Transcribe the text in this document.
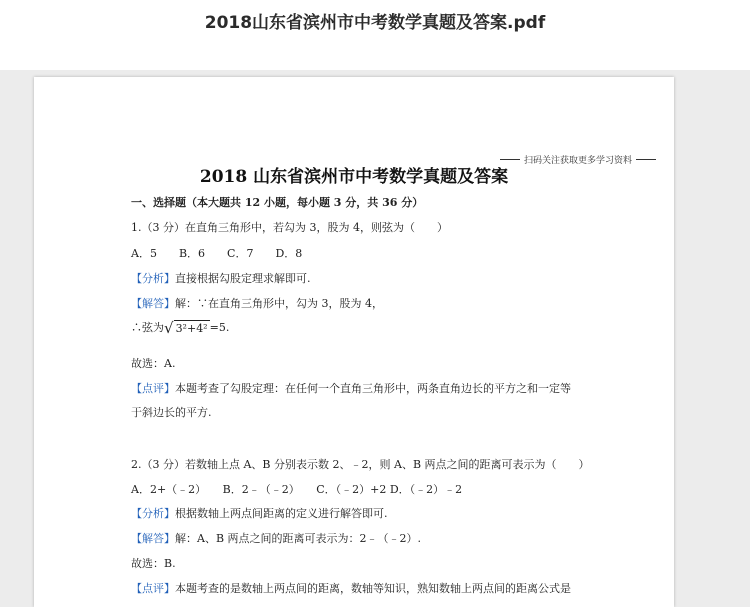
2018山东省滨州市中考数学真题及答案.pdf
扫码关注获取更多学习资料
2018 山东省滨州市中考数学真题及答案
一、选择题（本大题共 12 小题，每小题 3 分，共 36 分）
1.（3 分）在直角三角形中，若勾为 3，股为 4，则弦为（　　）
A．5　　B．6　　C．7　　D．8
【分析】直接根据勾股定理求解即可.
【解答】解：∵在直角三角形中，勾为 3，股为 4，
∴弦为 √ 3²+4² =5.
故选：A.
【点评】本题考查了勾股定理：在任何一个直角三角形中，两条直角边长的平方之和一定等
于斜边长的平方.
2.（3 分）若数轴上点 A、B 分别表示数 2、﹣2，则 A、B 两点之间的距离可表示为（　　）
A．2+（﹣2）　　B．2﹣（﹣2）　　C．（﹣2）+2 D．（﹣2）﹣2
【分析】根据数轴上两点间距离的定义进行解答即可.
【解答】解：A、B 两点之间的距离可表示为：2﹣（﹣2）.
故选：B.
【点评】本题考查的是数轴上两点间的距离，数轴等知识，熟知数轴上两点间的距离公式是
